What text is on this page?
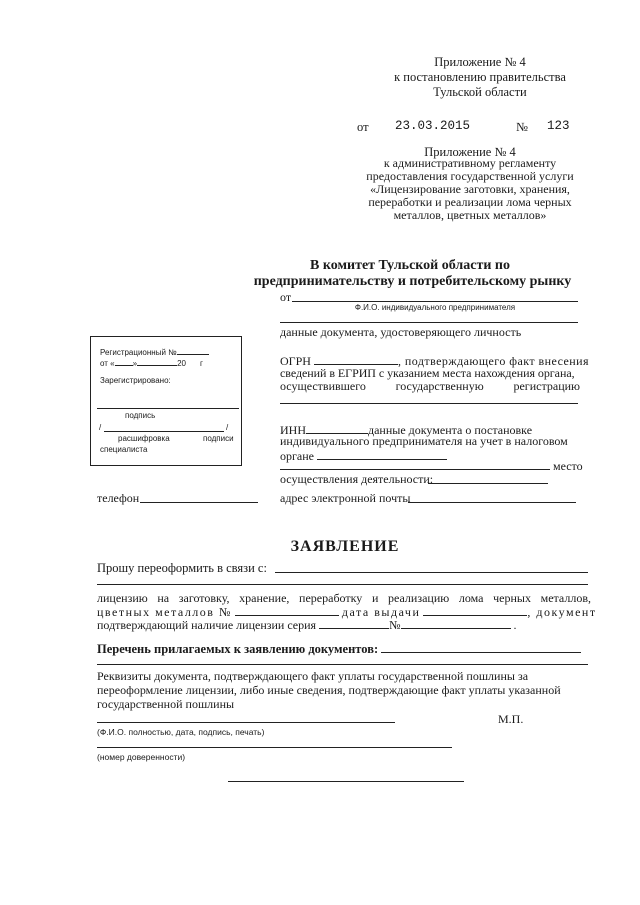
Приложение № 4
к постановлению правительства
Тульской области
от 23.03.2015	№ 123
Приложение № 4
к административному регламенту
предоставления государственной услуги
«Лицензирование заготовки, хранения,
переработки и реализации лома черных
металлов, цветных металлов»
В комитет Тульской области по
предпринимательству и потребительскому рынку
от
Ф.И.О. индивидуального предпринимателя
данные документа, удостоверяющего личность
Регистрационный №
от « »	20 г
Зарегистрировано:
подпись
/	/
расшифровка	подписи
специалиста
ОГРН	, подтверждающего факт внесения
сведений в ЕГРИП с указанием места нахождения органа,
осуществившего государственную регистрацию
ИНН	данные документа о постановке
индивидуального предпринимателя на учет в налоговом
органе
место
осуществления деятельности:
телефон	адрес электронной почты
ЗАЯВЛЕНИЕ
Прошу переоформить в связи с:
лицензию на заготовку, хранение, переработку и реализацию лома черных металлов,
цветных металлов №	дата выдачи	, документ
подтверждающий наличие лицензии серия	№	.
Перечень прилагаемых к заявлению документов:
Реквизиты документа, подтверждающего факт уплаты государственной пошлины за
переоформление лицензии, либо иные сведения, подтверждающие факт уплаты указанной
государственной пошлины
М.П.
(Ф.И.О. полностью, дата, подпись, печать)
(номер доверенности)
